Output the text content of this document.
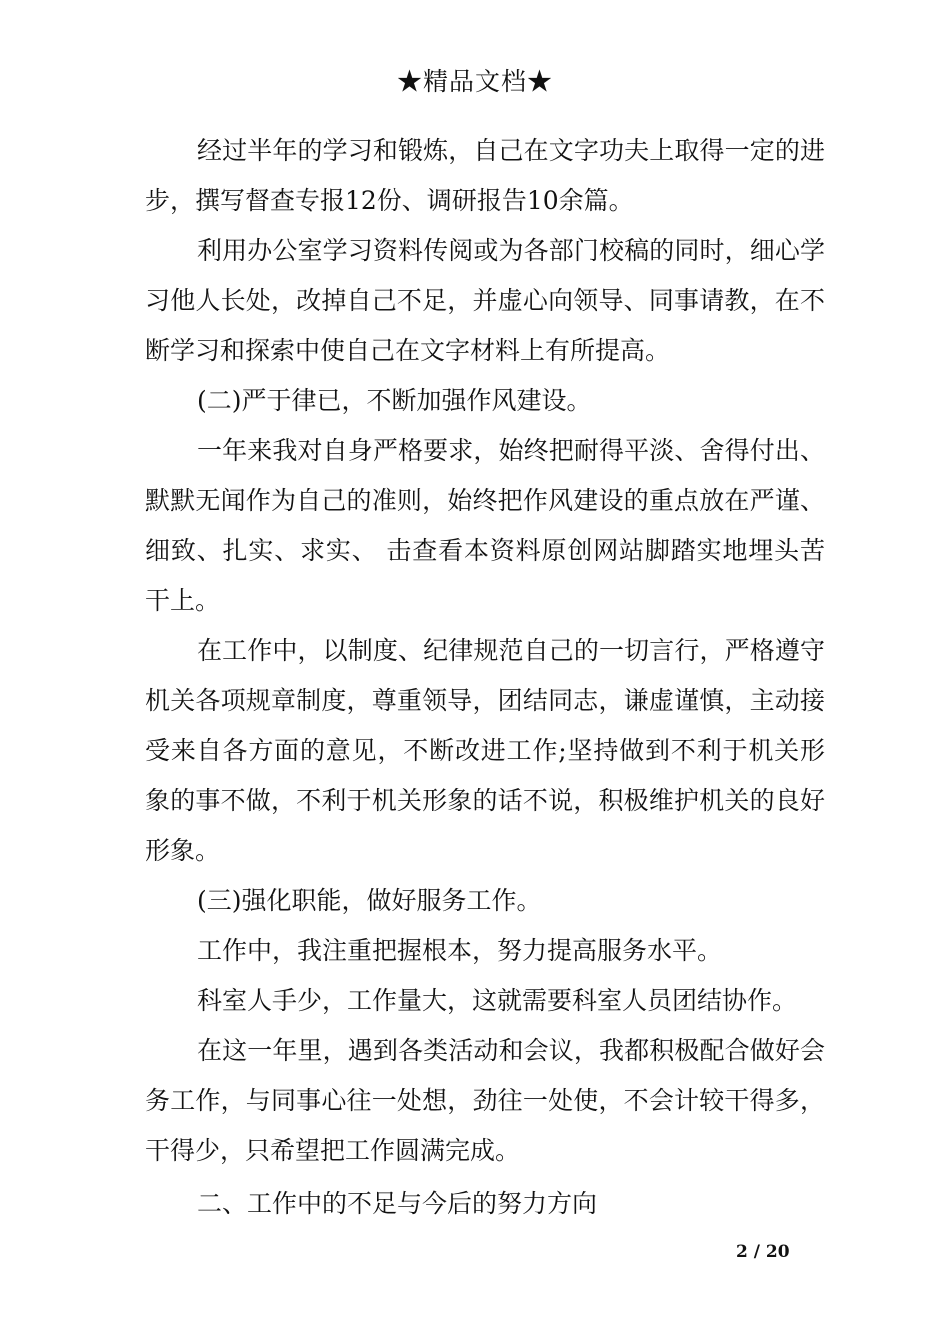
★精品文档★

经过半年的学习和锻炼，自己在文字功夫上取得一定的进步，撰写督查专报12份、调研报告10余篇。

利用办公室学习资料传阅或为各部门校稿的同时，细心学习他人长处，改掉自己不足，并虚心向领导、同事请教，在不断学习和探索中使自己在文字材料上有所提高。

(二)严于律已，不断加强作风建设。

一年来我对自身严格要求，始终把耐得平淡、舍得付出、默默无闻作为自己的准则，始终把作风建设的重点放在严谨、细致、扎实、求实、 击查看本资料原创网站脚踏实地埋头苦干上。

在工作中，以制度、纪律规范自己的一切言行，严格遵守机关各项规章制度，尊重领导，团结同志，谦虚谨慎，主动接受来自各方面的意见，不断改进工作;坚持做到不利于机关形象的事不做，不利于机关形象的话不说，积极维护机关的良好形象。

(三)强化职能，做好服务工作。

工作中，我注重把握根本，努力提高服务水平。

科室人手少，工作量大，这就需要科室人员团结协作。

在这一年里，遇到各类活动和会议，我都积极配合做好会务工作，与同事心往一处想，劲往一处使，不会计较干得多，干得少，只希望把工作圆满完成。

二、工作中的不足与今后的努力方向

2 / 20
